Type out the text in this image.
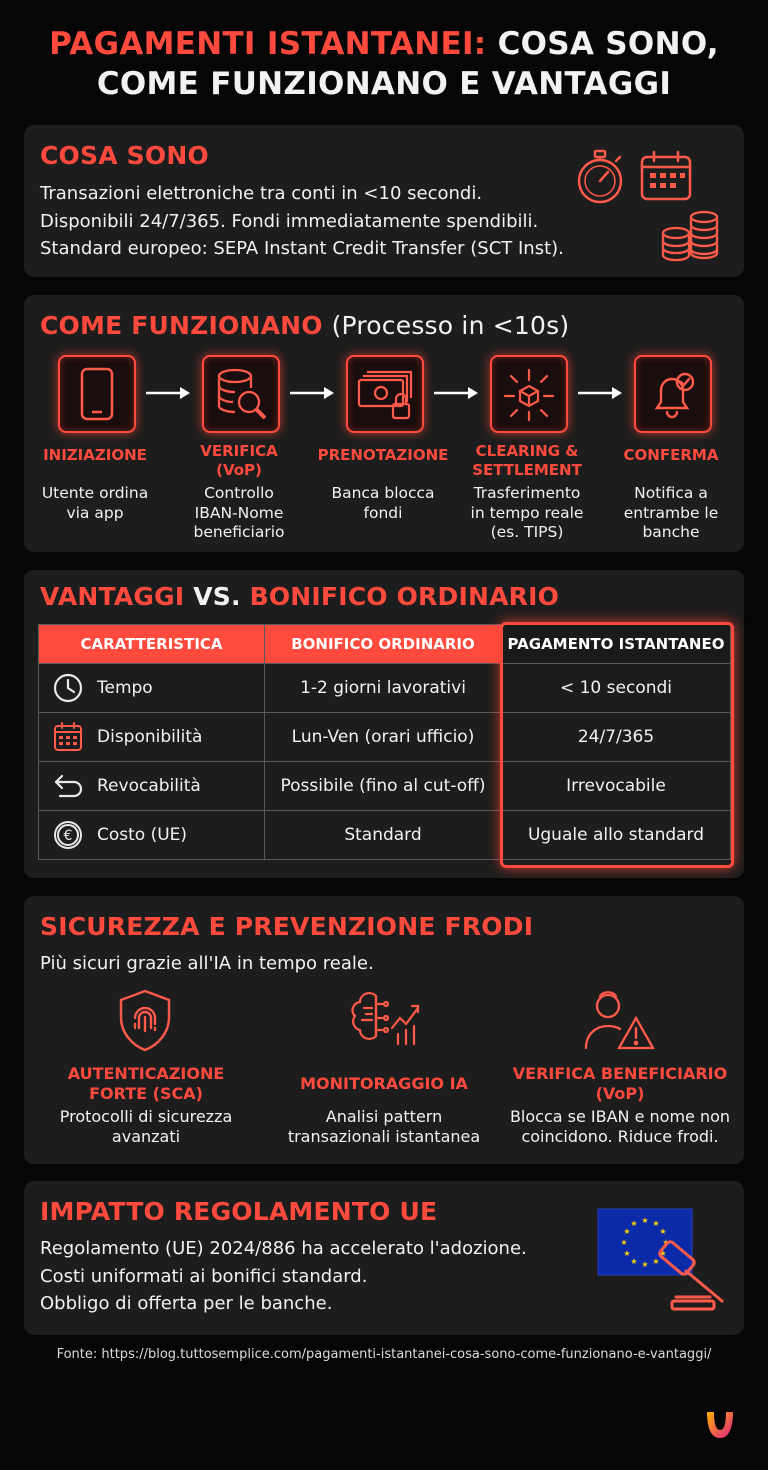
PAGAMENTI ISTANTANEI: COSA SONO,
COME FUNZIONANO E VANTAGGI
COSA SONO
Transazioni elettroniche tra conti in <10 secondi.
Disponibili 24/7/365. Fondi immediatamente spendibili.
Standard europeo: SEPA Instant Credit Transfer (SCT Inst).
COME FUNZIONANO (Processo in <10s)
INIZIAZIONE	VERIFICA
(VoP)
PRENOTAZIONE	CLEARING &
SETTLEMENT
CONFERMA
Utente ordina
via app
Controllo
IBAN-Nome
beneficiario
Banca blocca
fondi
Trasferimento
in tempo reale
(es. TIPS)
Notifica a
entrambe le
banche
VANTAGGI VS. BONIFICO ORDINARIO
CARATTERISTICA	BONIFICO ORDINARIO	PAGAMENTO ISTANTANEO

Tempo	1-2 giorni lavorativi	< 10 secondi

Disponibilità	Lun-Ven (orari ufficio)	24/7/365

Revocabilità	Possibile (fino al cut-off)	Irrevocabile

€ Costo (UE)	Standard	Uguale allo standard
SICUREZZA E PREVENZIONE FRODI
Più sicuri grazie all'IA in tempo reale.
AUTENTICAZIONE
FORTE (SCA)	MONITORAGGIO IA
VERIFICA BENEFICIARIO
(VoP)
Protocolli di sicurezza
avanzati
Analisi pattern
transazionali istantanea
Blocca se IBAN e nome non
coincidono. Riduce frodi.
IMPATTO REGOLAMENTO UE
Regolamento (UE) 2024/886 ha accelerato l'adozione.
Costi uniformati ai bonifici standard.
Obbligo di offerta per le banche.
★ ★
★
★
★
★
★
★
★
★
★
★
Fonte: https://blog.tuttosemplice.com/pagamenti-istantanei-cosa-sono-come-funzionano-e-vantaggi/
